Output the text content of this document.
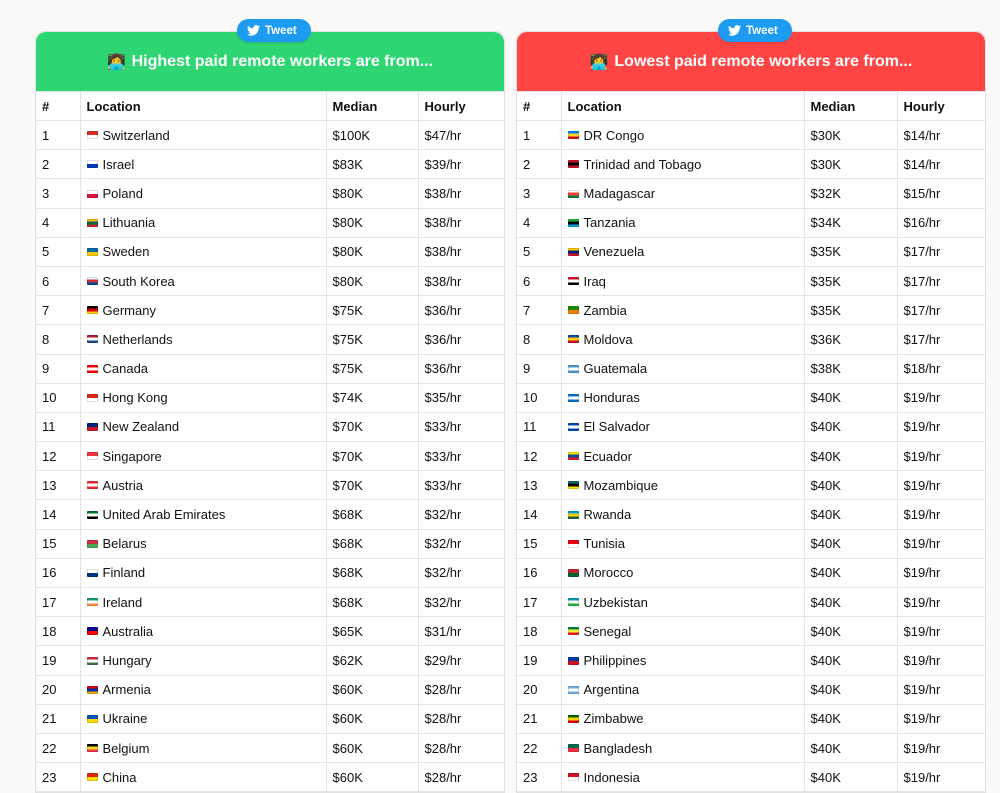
Tweet	Tweet
👩‍💻 Highest paid remote workers are from...
#	Location	Median	Hourly
1	Switzerland	$100K	$47/hr
2	Israel	$83K	$39/hr
3	Poland	$80K	$38/hr
4	Lithuania	$80K	$38/hr
5	Sweden	$80K	$38/hr
6	South Korea	$80K	$38/hr
7	Germany	$75K	$36/hr
8	Netherlands	$75K	$36/hr
9	Canada	$75K	$36/hr
10	Hong Kong	$74K	$35/hr
11	New Zealand	$70K	$33/hr
12	Singapore	$70K	$33/hr
13	Austria	$70K	$33/hr
14	United Arab Emirates	$68K	$32/hr
15	Belarus	$68K	$32/hr
16	Finland	$68K	$32/hr
17	Ireland	$68K	$32/hr
18	Australia	$65K	$31/hr
19	Hungary	$62K	$29/hr
20	Armenia	$60K	$28/hr
21	Ukraine	$60K	$28/hr
22	Belgium	$60K	$28/hr
23	China	$60K	$28/hr
👩‍💻 Lowest paid remote workers are from...
#	Location	Median	Hourly
1	DR Congo	$30K	$14/hr
2	Trinidad and Tobago	$30K	$14/hr
3	Madagascar	$32K	$15/hr
4	Tanzania	$34K	$16/hr
5	Venezuela	$35K	$17/hr
6	Iraq	$35K	$17/hr
7	Zambia	$35K	$17/hr
8	Moldova	$36K	$17/hr
9	Guatemala	$38K	$18/hr
10	Honduras	$40K	$19/hr
11	El Salvador	$40K	$19/hr
12	Ecuador	$40K	$19/hr
13	Mozambique	$40K	$19/hr
14	Rwanda	$40K	$19/hr
15	Tunisia	$40K	$19/hr
16	Morocco	$40K	$19/hr
17	Uzbekistan	$40K	$19/hr
18	Senegal	$40K	$19/hr
19	Philippines	$40K	$19/hr
20	Argentina	$40K	$19/hr
21	Zimbabwe	$40K	$19/hr
22	Bangladesh	$40K	$19/hr
23	Indonesia	$40K	$19/hr
